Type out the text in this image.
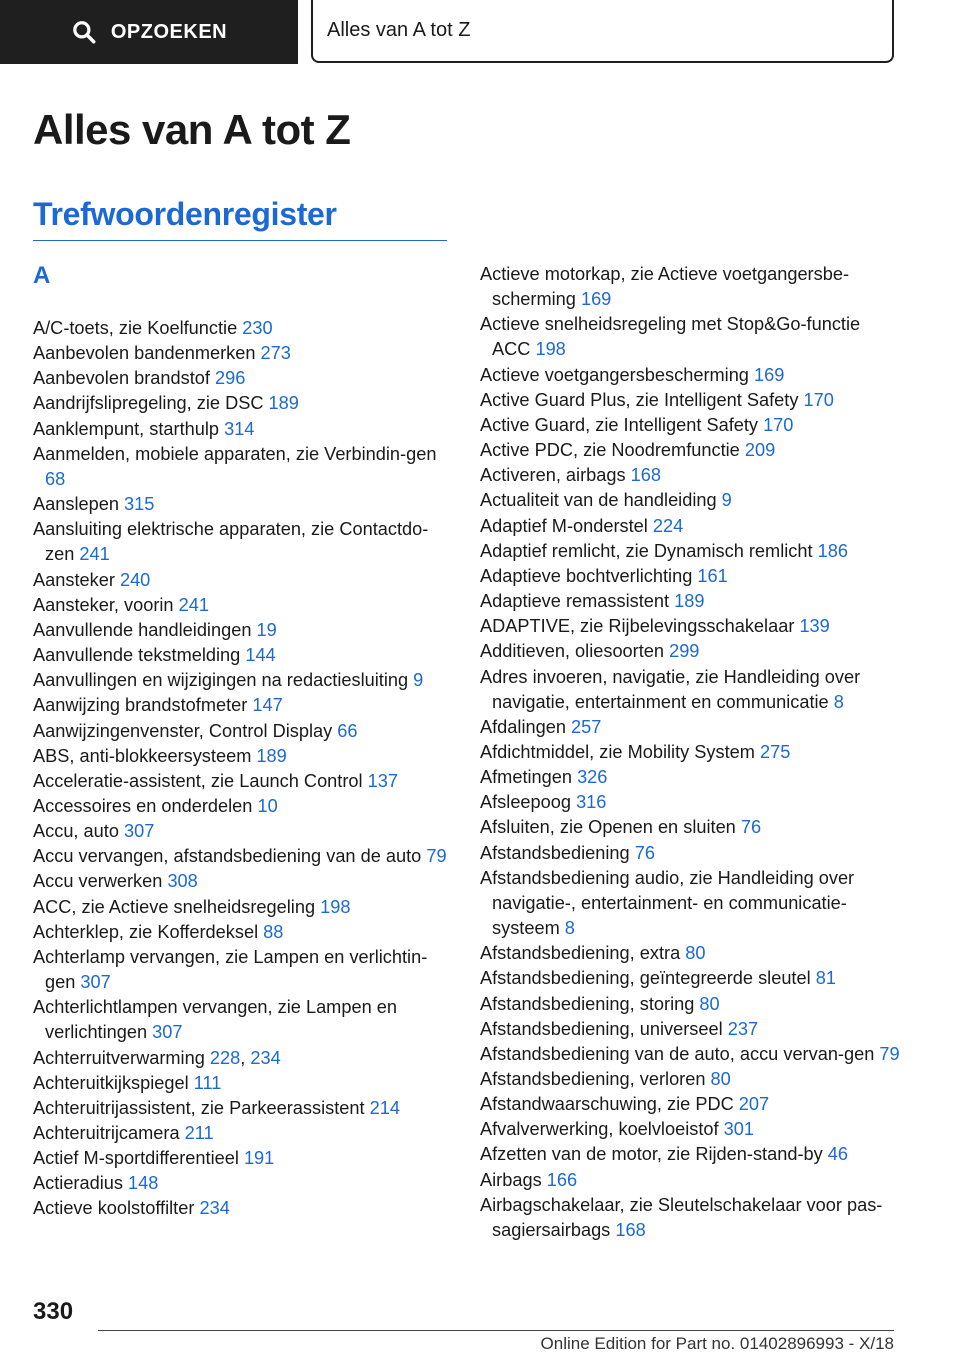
OPZOEKEN	Alles van A tot Z
Alles van A tot Z
Trefwoordenregister
A
A/C-toets, zie Koelfunctie 230
Aanbevolen bandenmerken 273
Aanbevolen brandstof 296
Aandrijfslipregeling, zie DSC 189
Aanklempunt, starthulp 314
Aanmelden, mobiele apparaten, zie Verbindin-gen 68
Aanslepen 315
Aansluiting elektrische apparaten, zie Contactdo-zen 241
Aansteker 240
Aansteker, voorin 241
Aanvullende handleidingen 19
Aanvullende tekstmelding 144
Aanvullingen en wijzigingen na redactiesluiting 9
Aanwijzing brandstofmeter 147
Aanwijzingenvenster, Control Display 66
ABS, anti-blokkeersysteem 189
Acceleratie-assistent, zie Launch Control 137
Accessoires en onderdelen 10
Accu, auto 307
Accu vervangen, afstandsbediening van de auto 79
Accu verwerken 308
ACC, zie Actieve snelheidsregeling 198
Achterklep, zie Kofferdeksel 88
Achterlamp vervangen, zie Lampen en verlichtin-gen 307
Achterlichtlampen vervangen, zie Lampen en verlichtingen 307
Achterruitverwarming 228, 234
Achteruitkijkspiegel 111
Achteruitrijassistent, zie Parkeerassistent 214
Achteruitrijcamera 211
Actief M-sportdifferentieel 191
Actieradius 148
Actieve koolstoffilter 234
Actieve motorkap, zie Actieve voetgangersbe-scherming 169
Actieve snelheidsregeling met Stop&Go-functie ACC 198
Actieve voetgangersbescherming 169
Active Guard Plus, zie Intelligent Safety 170
Active Guard, zie Intelligent Safety 170
Active PDC, zie Noodremfunctie 209
Activeren, airbags 168
Actualiteit van de handleiding 9
Adaptief M-onderstel 224
Adaptief remlicht, zie Dynamisch remlicht 186
Adaptieve bochtverlichting 161
Adaptieve remassistent 189
ADAPTIVE, zie Rijbelevingsschakelaar 139
Additieven, oliesoorten 299
Adres invoeren, navigatie, zie Handleiding over navigatie, entertainment en communicatie 8
Afdalingen 257
Afdichtmiddel, zie Mobility System 275
Afmetingen 326
Afsleepoog 316
Afsluiten, zie Openen en sluiten 76
Afstandsbediening 76
Afstandsbediening audio, zie Handleiding over navigatie-, entertainment- en communicatie-systeem 8
Afstandsbediening, extra 80
Afstandsbediening, geïntegreerde sleutel 81
Afstandsbediening, storing 80
Afstandsbediening, universeel 237
Afstandsbediening van de auto, accu vervan-gen 79
Afstandsbediening, verloren 80
Afstandwaarschuwing, zie PDC 207
Afvalverwerking, koelvloeistof 301
Afzetten van de motor, zie Rijden-stand-by 46
Airbags 166
Airbagschakelaar, zie Sleutelschakelaar voor pas-sagiersairbags 168

330

Online Edition for Part no. 01402896993 - X/18
